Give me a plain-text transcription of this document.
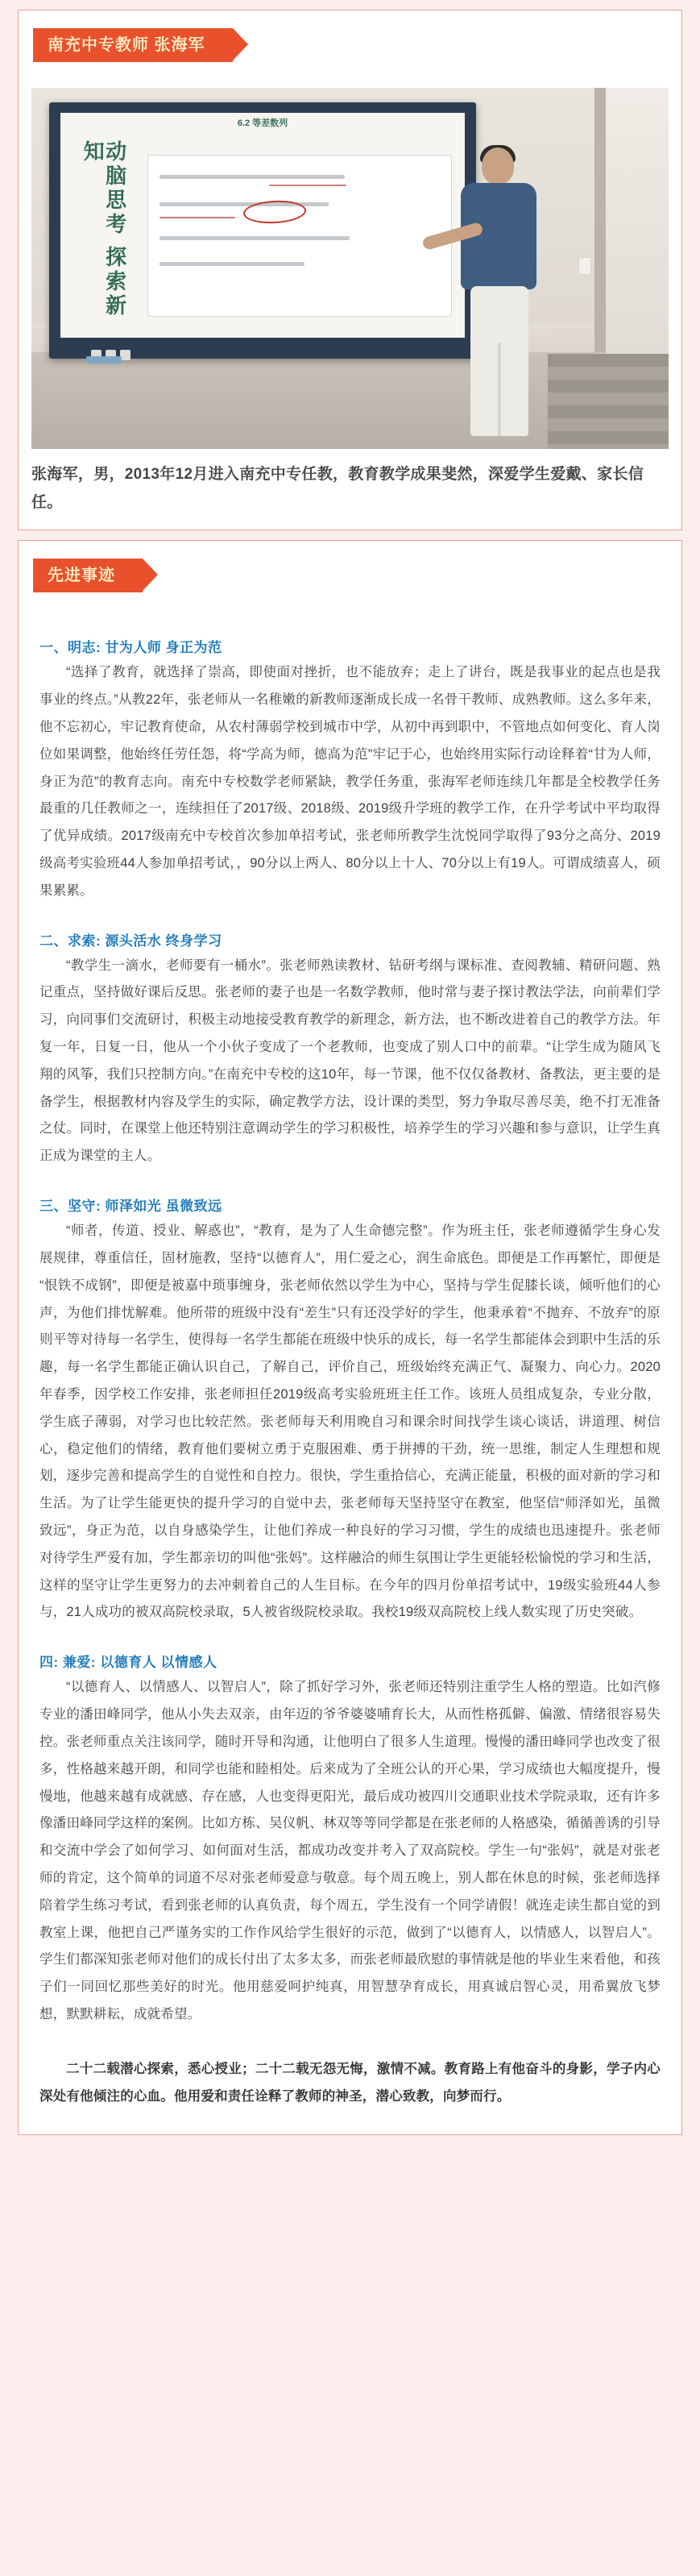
南充中专教师 张海军
6.2 等差数列
动脑思考 探索新知
张海军，男，2013年12月进入南充中专任教，教育教学成果斐然，深爱学生爱戴、家长信任。
先进事迹
一、明志: 甘为人师 身正为范

“选择了教育，就选择了崇高，即使面对挫折，也不能放弃；走上了讲台，既是我事业的起点也是我事业的终点。”从教22年，张老师从一名稚嫩的新教师逐渐成长成一名骨干教师、成熟教师。这么多年来，他不忘初心，牢记教育使命，从农村薄弱学校到城市中学，从初中再到职中，不管地点如何变化、育人岗位如果调整，他始终任劳任怨，将“学高为师，德高为范”牢记于心，也始终用实际行动诠释着“甘为人师，身正为范”的教育志向。南充中专校数学老师紧缺，教学任务重，张海军老师连续几年都是全校教学任务最重的几任教师之一，连续担任了2017级、2018级、2019级升学班的教学工作，在升学考试中平均取得了优异成绩。2017级南充中专校首次参加单招考试，张老师所教学生沈悦同学取得了93分之高分、2019级高考实验班44人参加单招考试，，90分以上两人、80分以上十人、70分以上有19人。可谓成绩喜人，硕果累累。

二、求索: 源头活水 终身学习

“教学生一滴水，老师要有一桶水”。张老师熟读教材、钻研考纲与课标准、查阅教辅、精研问题、熟记重点，坚持做好课后反思。张老师的妻子也是一名数学教师，他时常与妻子探讨教法学法，向前辈们学习，向同事们交流研讨，积极主动地接受教育教学的新理念，新方法，也不断改进着自己的教学方法。年复一年，日复一日，他从一个小伙子变成了一个老教师，也变成了别人口中的前辈。“让学生成为随风飞翔的风筝，我们只控制方向。”在南充中专校的这10年，每一节课，他不仅仅备教材、备教法，更主要的是备学生，根据教材内容及学生的实际，确定教学方法，设计课的类型，努力争取尽善尽美，绝不打无准备之仗。同时，在课堂上他还特别注意调动学生的学习积极性，培养学生的学习兴趣和参与意识，让学生真正成为课堂的主人。

三、坚守: 师泽如光 虽微致远

“师者，传道、授业、解惑也”，“教育，是为了人生命德完整”。作为班主任，张老师遵循学生身心发展规律，尊重信任，固材施教，坚持“以德育人”，用仁爱之心，润生命底色。即便是工作再繁忙，即便是“恨铁不成钢”，即便是被嘉中琐事缠身，张老师依然以学生为中心，坚持与学生促膝长谈，倾听他们的心声，为他们排忧解难。他所带的班级中没有“差生”只有还没学好的学生，他秉承着“不抛弃、不放弃”的原则平等对待每一名学生，使得每一名学生都能在班级中快乐的成长，每一名学生都能体会到职中生活的乐趣，每一名学生都能正确认识自己，了解自己，评价自己，班级始终充满正气、凝聚力、向心力。2020年春季，因学校工作安排，张老师担任2019级高考实验班班主任工作。该班人员组成复杂，专业分散，学生底子薄弱，对学习也比较茫然。张老师每天利用晚自习和课余时间找学生谈心谈话，讲道理、树信心，稳定他们的情绪，教育他们要树立勇于克服困难、勇于拼搏的干劲，统一思维，制定人生理想和规划，逐步完善和提高学生的自觉性和自控力。很快，学生重拾信心，充满正能量，积极的面对新的学习和生活。为了让学生能更快的提升学习的自觉中去，张老师每天坚持坚守在教室，他坚信“师泽如光，虽微致远”，身正为范，以自身感染学生，让他们养成一种良好的学习习惯，学生的成绩也迅速提升。张老师对待学生严爱有加，学生都亲切的叫他“张妈”。这样融洽的师生氛围让学生更能轻松愉悦的学习和生活，这样的坚守让学生更努力的去冲刺着自己的人生目标。在今年的四月份单招考试中，19级实验班44人参与，21人成功的被双高院校录取，5人被省级院校录取。我校19级双高院校上线人数实现了历史突破。

四: 兼爱: 以德育人 以情感人

“以德育人、以情感人、以智启人”，除了抓好学习外，张老师还特别注重学生人格的塑造。比如汽修专业的潘田峰同学，他从小失去双亲，由年迈的爷爷婆婆哺育长大，从而性格孤僻、偏激、情绪很容易失控。张老师重点关注该同学，随时开导和沟通，让他明白了很多人生道理。慢慢的潘田峰同学也改变了很多，性格越来越开朗，和同学也能和睦相处。后来成为了全班公认的开心果，学习成绩也大幅度提升，慢慢地，他越来越有成就感、存在感，人也变得更阳光，最后成功被四川交通职业技术学院录取，还有许多像潘田峰同学这样的案例。比如方栋、吴仪帆、林双等等同学都是在张老师的人格感染，循循善诱的引导和交流中学会了如何学习、如何面对生活，都成功改变并考入了双高院校。学生一句“张妈”，就是对张老师的肯定，这个简单的词道不尽对张老师爱意与敬意。每个周五晚上，别人都在休息的时候，张老师选择陪着学生练习考试，看到张老师的认真负责，每个周五，学生没有一个同学请假！就连走读生都自觉的到教室上课，他把自己严谨务实的工作作风给学生很好的示范，做到了“以德育人，以情感人，以智启人”。学生们都深知张老师对他们的成长付出了太多太多，而张老师最欣慰的事情就是他的毕业生来看他，和孩子们一同回忆那些美好的时光。他用慈爱呵护纯真，用智慧孕育成长，用真诚启智心灵，用希翼放飞梦想，默默耕耘，成就希望。

二十二载潜心探索，悉心授业；二十二载无怨无悔，激情不减。教育路上有他奋斗的身影，学子内心深处有他倾注的心血。他用爱和责任诠释了教师的神圣，潜心致教，向梦而行。
